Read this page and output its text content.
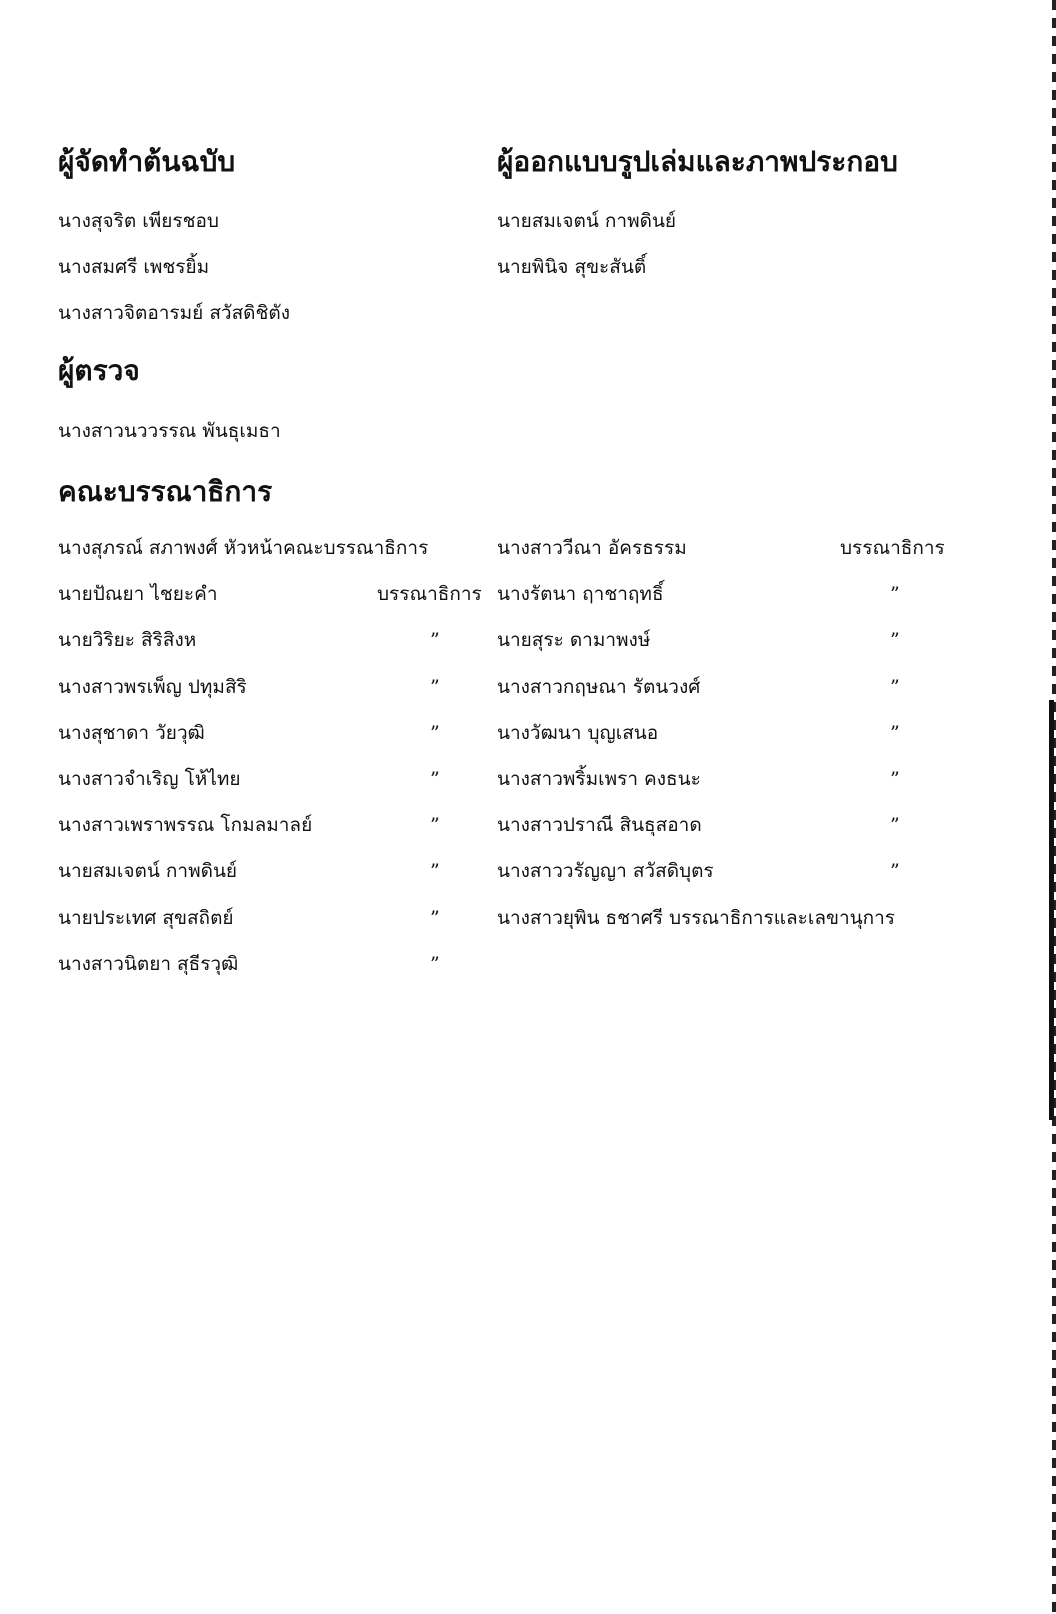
ผู้จัดทำต้นฉบับ
นางสุจริต เพียรชอบ
นางสมศรี เพชรยิ้ม
นางสาวจิตอารมย์ สวัสดิชิตัง
ผู้ออกแบบรูปเล่มและภาพประกอบ
นายสมเจตน์ กาพดินย์
นายพินิจ สุขะสันติ์
ผู้ตรวจ
นางสาวนววรรณ พันธุเมธา
คณะบรรณาธิการ
นางสุภรณ์ สภาพงศ์ หัวหน้าคณะบรรณาธิการ
นายปัณยา ไชยะคำ	บรรณาธิการ
นายวิริยะ สิริสิงห	”
นางสาวพรเพ็ญ ปทุมสิริ	”
นางสุชาดา วัยวุฒิ	”
นางสาวจำเริญ โห้ไทย	”
นางสาวเพราพรรณ โกมลมาลย์	”
นายสมเจตน์ กาพดินย์	”
นายประเทศ สุขสถิตย์	”
นางสาวนิตยา สุธีรวุฒิ	”
นางสาววีณา อัครธรรม	บรรณาธิการ
นางรัตนา ฤาชาฤทธิ์	”
นายสุระ ดามาพงษ์	”
นางสาวกฤษณา รัตนวงศ์	”
นางวัฒนา บุญเสนอ	”
นางสาวพริ้มเพรา คงธนะ	”
นางสาวปราณี สินธุสอาด	”
นางสาววรัญญา สวัสดิบุตร	”
นางสาวยุพิน ธชาศรี บรรณาธิการและเลขานุการ
